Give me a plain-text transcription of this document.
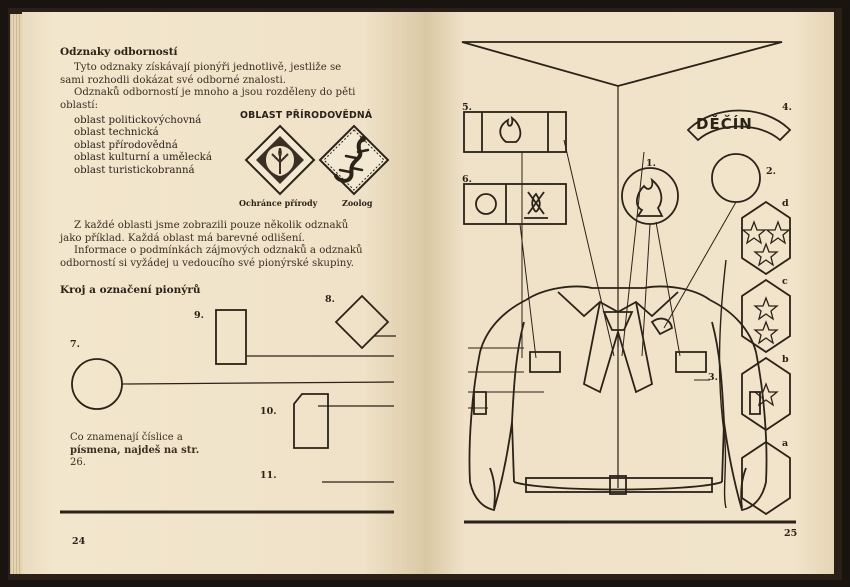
Odznaky odborností
Tyto odznaky získávají pionýři jednotlivě, jestliže se
sami rozhodli dokázat své odborné znalosti.
Odznaků odborností je mnoho a jsou rozděleny do pěti
oblastí:
oblast politickovýchovná
oblast technická
oblast přírodovědná
oblast kulturní a umělecká
oblast turistickobranná
OBLAST PŘÍRODOVĚDNÁ
Ochránce přírody	Zoolog
Z každé oblasti jsme zobrazili pouze několik odznaků
jako příklad. Každá oblast má barevné odlišení.
Informace o podmínkách zájmových odznaků a odznaků
odborností si vyžádej u vedoucího své pionýrské skupiny.
Kroj a označení pionýrů
8.
9.
7.
10.
11.
Co znamenají číslice a
písmena, najdeš na str.
26.
24
DĚČÍN
1.
2.
3.
4.
5.
6.
d
c
b
a
25
